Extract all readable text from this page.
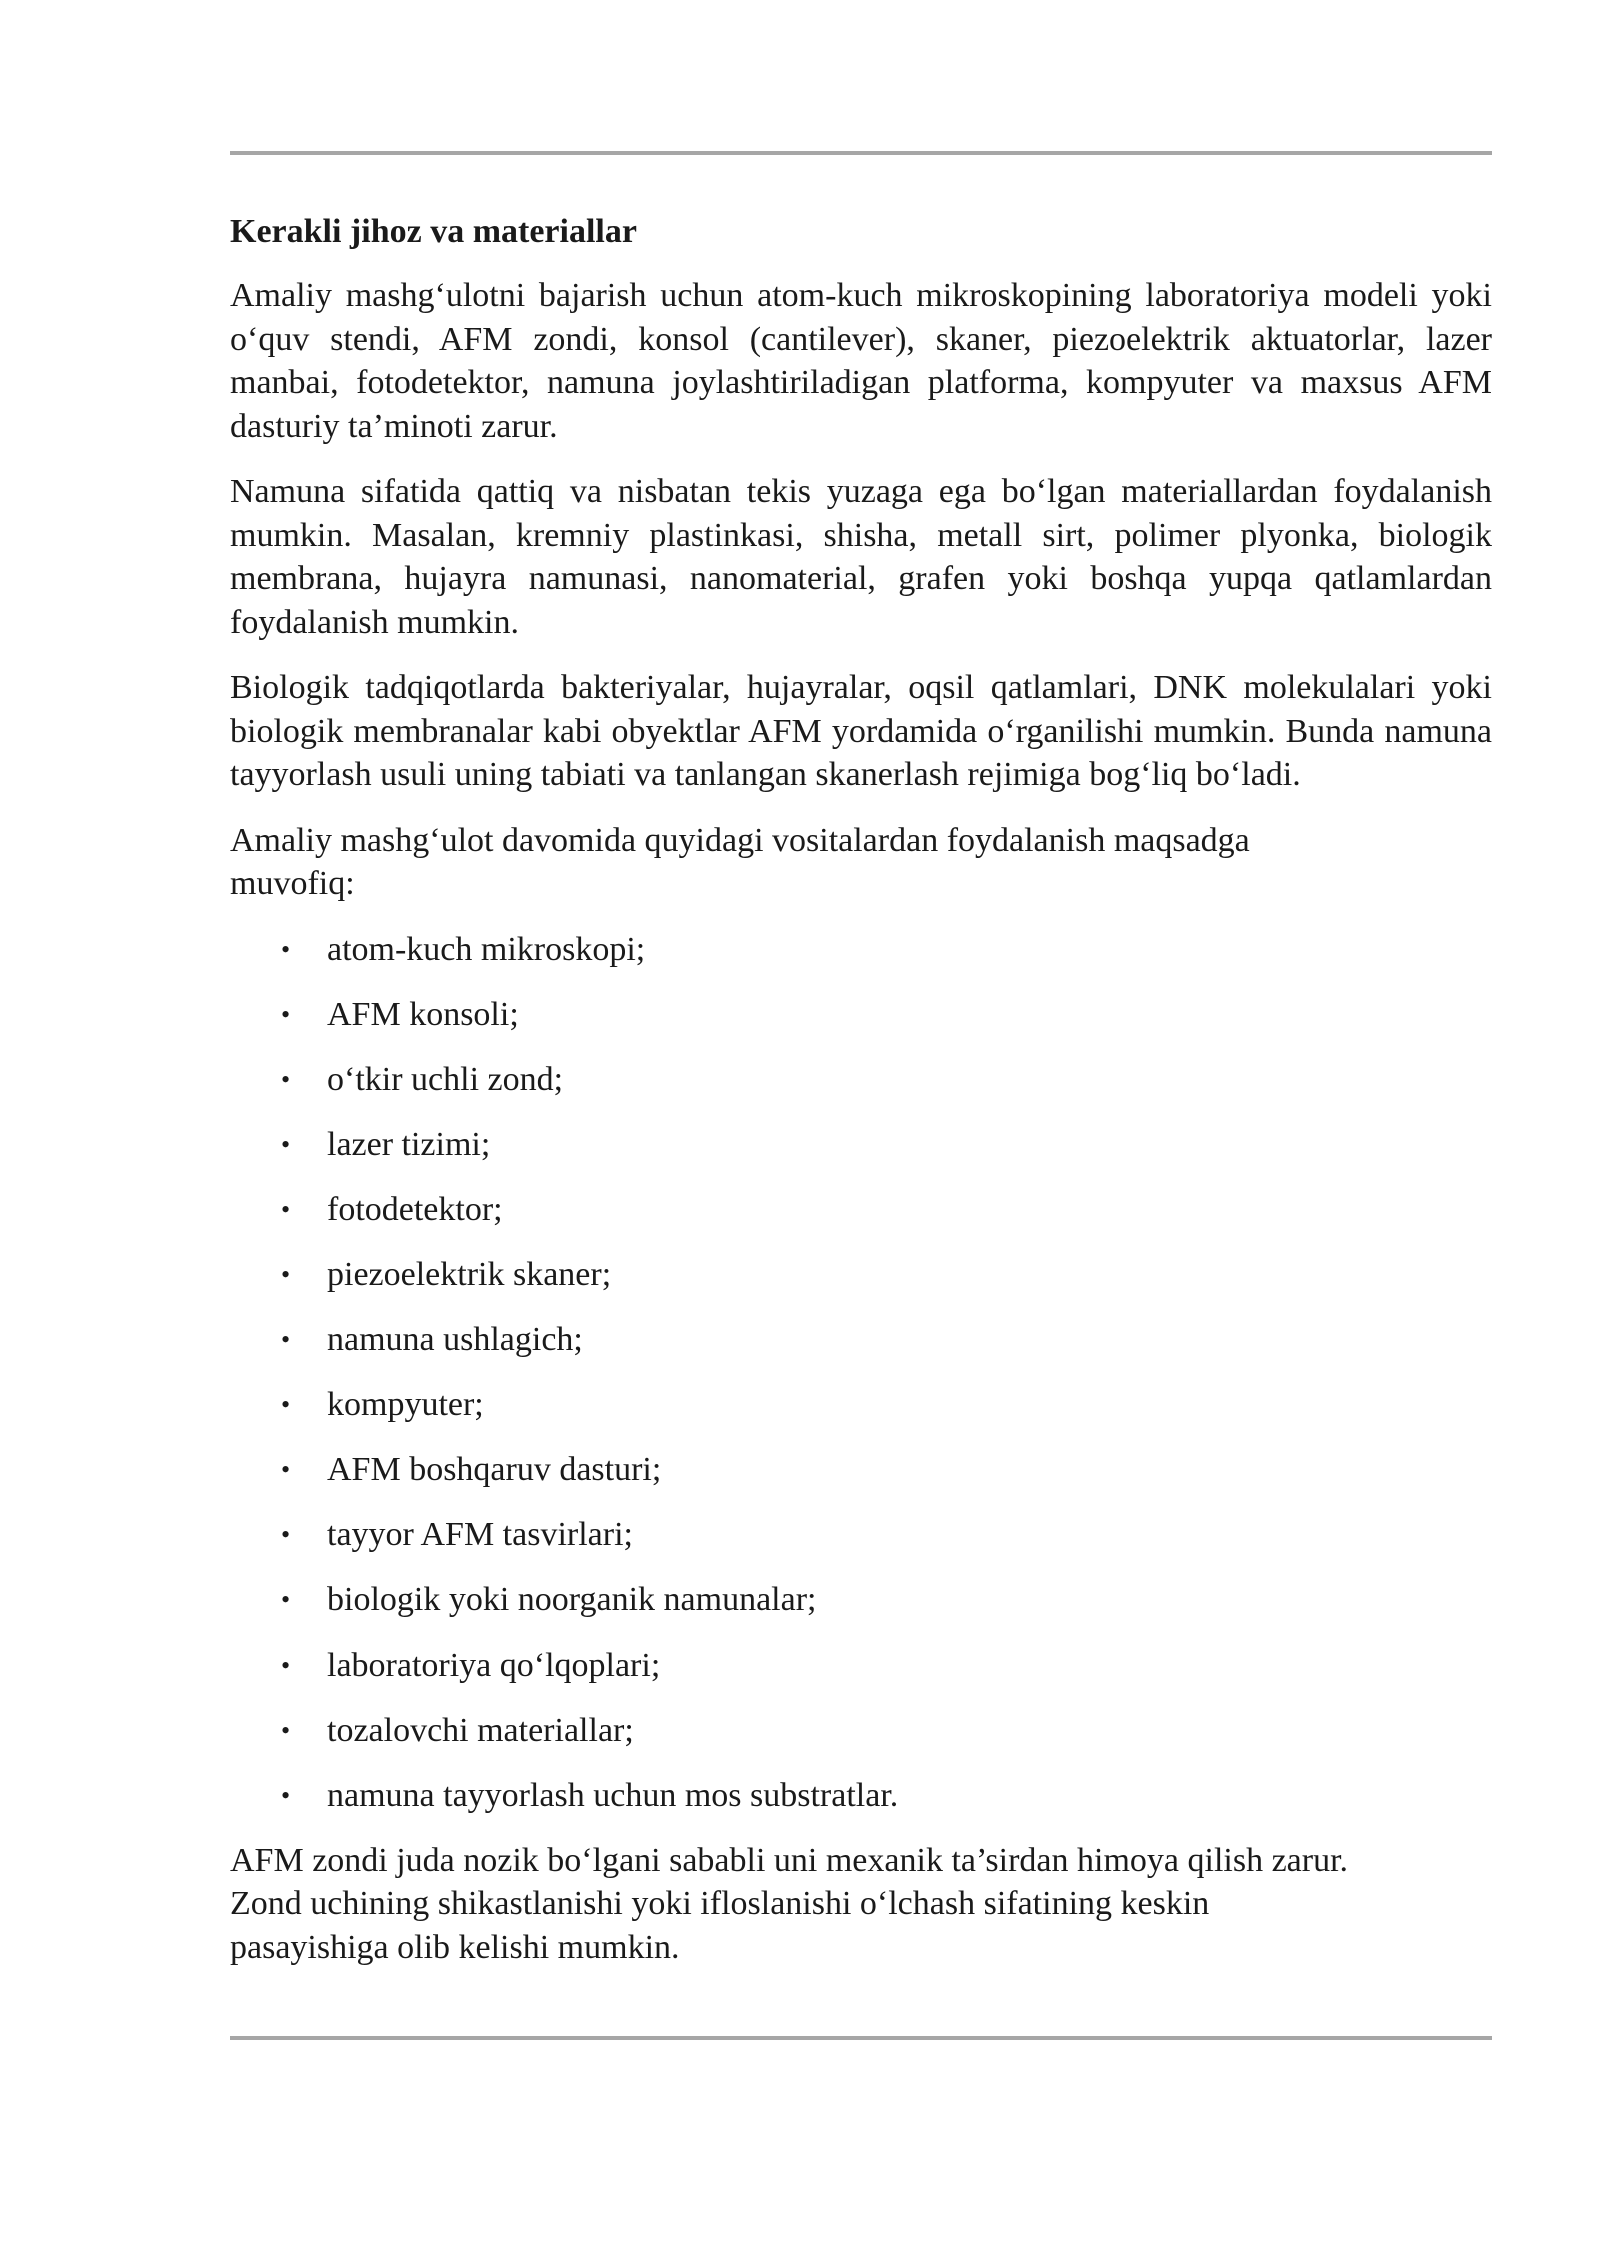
Kerakli jihoz va materiallar

Amaliy mashg‘ulotni bajarish uchun atom-kuch mikroskopining laboratoriya modeli yoki o‘quv stendi, AFM zondi, konsol (cantilever), skaner, piezoelektrik aktuatorlar, lazer manbai, fotodetektor, namuna joylashtiriladigan platforma, kompyuter va maxsus AFM dasturiy ta’minoti zarur.

Namuna sifatida qattiq va nisbatan tekis yuzaga ega bo‘lgan materiallardan foydalanish mumkin. Masalan, kremniy plastinkasi, shisha, metall sirt, polimer plyonka, biologik membrana, hujayra namunasi, nanomaterial, grafen yoki boshqa yupqa qatlamlardan foydalanish mumkin.

Biologik tadqiqotlarda bakteriyalar, hujayralar, oqsil qatlamlari, DNK molekulalari yoki biologik membranalar kabi obyektlar AFM yordamida o‘rganilishi mumkin. Bunda namuna tayyorlash usuli uning tabiati va tanlangan skanerlash rejimiga bog‘liq bo‘ladi.

Amaliy mashg‘ulot davomida quyidagi vositalardan foydalanish maqsadga muvofiq:

• atom-kuch mikroskopi;
• AFM konsoli;
• o‘tkir uchli zond;
• lazer tizimi;
• fotodetektor;
• piezoelektrik skaner;
• namuna ushlagich;
• kompyuter;
• AFM boshqaruv dasturi;
• tayyor AFM tasvirlari;
• biologik yoki noorganik namunalar;
• laboratoriya qo‘lqoplari;
• tozalovchi materiallar;
• namuna tayyorlash uchun mos substratlar.

AFM zondi juda nozik bo‘lgani sababli uni mexanik ta’sirdan himoya qilish zarur.
Zond uchining shikastlanishi yoki ifloslanishi o‘lchash sifatining keskin
pasayishiga olib kelishi mumkin.
